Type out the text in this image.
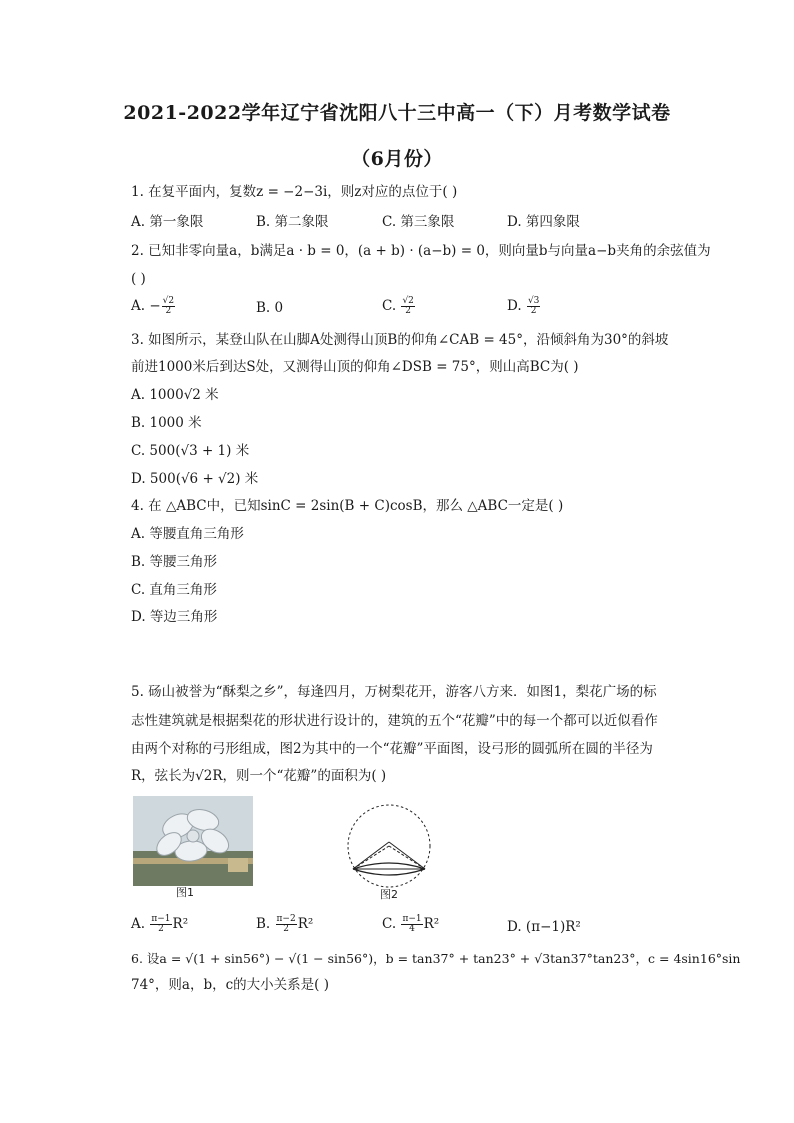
2021-2022学年辽宁省沈阳八十三中高一（下）月考数学试卷
（6月份）
1. 在复平面内，复数z = −2−3i，则z对应的点位于( )
A. 第一象限	B. 第二象限	C. 第三象限	D. 第四象限
2. 已知非零向量a，b满足a · b = 0，(a + b) · (a−b) = 0，则向量b与向量a−b夹角的余弦值为
( )
A. − $\frac{√2}{2}$	B. 0	C. $\frac{√2}{2}$	D. $\frac{√3}{2}$
3. 如图所示，某登山队在山脚A处测得山顶B的仰角∠CAB = 45°，沿倾斜角为30°的斜坡
前进1000米后到达S处，又测得山顶的仰角∠DSB = 75°，则山高BC为( )
A. 1000√2 米
B. 1000 米
C. 500(√3 + 1) 米
D. 500(√6 + √2) 米
4. 在 △ABC中，已知sinC = 2sin(B + C)cosB，那么 △ABC一定是( )
A. 等腰直角三角形
B. 等腰三角形
C. 直角三角形
D. 等边三角形
5. 砀山被誉为“酥梨之乡”，每逢四月，万树梨花开，游客八方来．如图1，梨花广场的标
志性建筑就是根据梨花的形状进行设计的，建筑的五个“花瓣”中的每一个都可以近似看作
由两个对称的弓形组成，图2为其中的一个“花瓣”平面图，设弓形的圆弧所在圆的半径为
R，弦长为√2R，则一个“花瓣”的面积为( )
图1	图2
A. $\frac{\pi-1}{2} R^2$	B. $\frac{\pi-2}{2} R^2$	C. $\frac{\pi-1}{4} R^2$	D. (π−1)R²
6. 设a = √(1 + sin56°) − √(1 − sin56°)，b = tan37° + tan23° + √3tan37°tan23°，c = 4sin16°sin
74°，则a，b，c的大小关系是( )
